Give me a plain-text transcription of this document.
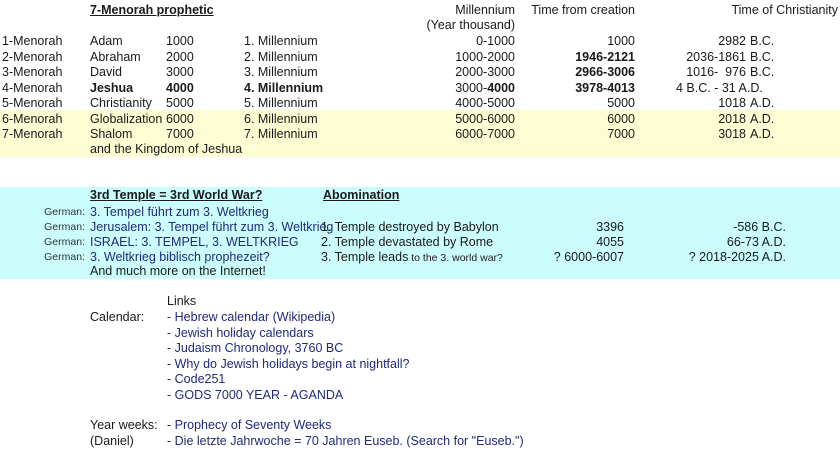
7-Menorah prophetic	Millennium
(Year thousand)
Time from creation	Time of Christianity
1-Menorah Adam	1000	1. Millennium	0-1000	1000	2982 B.C.
2-Menorah Abraham 2000	2. Millennium	1000-2000	1946-2121	2036-1861 B.C.
3-Menorah David	3000	3. Millennium	2000-3000	2966-3006	1016-  976 B.C.
4-Menorah Jeshua	4000	4. Millennium	3000-4000	3978-4013	4 B.C. - 31 A.D.
5-Menorah Christianity 5000	5. Millennium	4000-5000	5000	1018 A.D.
6-Menorah Globalization 6000	6. Millennium	5000-6000	6000	2018 A.D.
7-Menorah Shalom	7000	7. Millennium	6000-7000	7000	3018 A.D.
and the Kingdom of Jeshua
3rd Temple = 3rd World War?	Abomination
German: 3. Tempel führt zum 3. Weltkrieg
German: Jerusalem: 3. Tempel führt zum 3. Weltkrieg
German: ISRAEL: 3. TEMPEL, 3. WELTKRIEG
German: 3. Weltkrieg biblisch prophezeit?
And much more on the Internet!
1. Temple destroyed by Babylon	3396	-586 B.C.
2. Temple devastated by Rome	4055	66-73 A.D.
3. Temple leads to the 3. world war?	? 6000-6007	? 2018-2025 A.D.
Links
Calendar: - Hebrew calendar (Wikipedia)
- Jewish holiday calendars
- Judaism Chronology, 3760 BC
- Why do Jewish holidays begin at nightfall?
- Code251
- GODS 7000 YEAR - AGANDA
Year weeks: - Prophecy of Seventy Weeks
(Daniel)	- Die letzte Jahrwoche = 70 Jahren Euseb. (Search for "Euseb.")
